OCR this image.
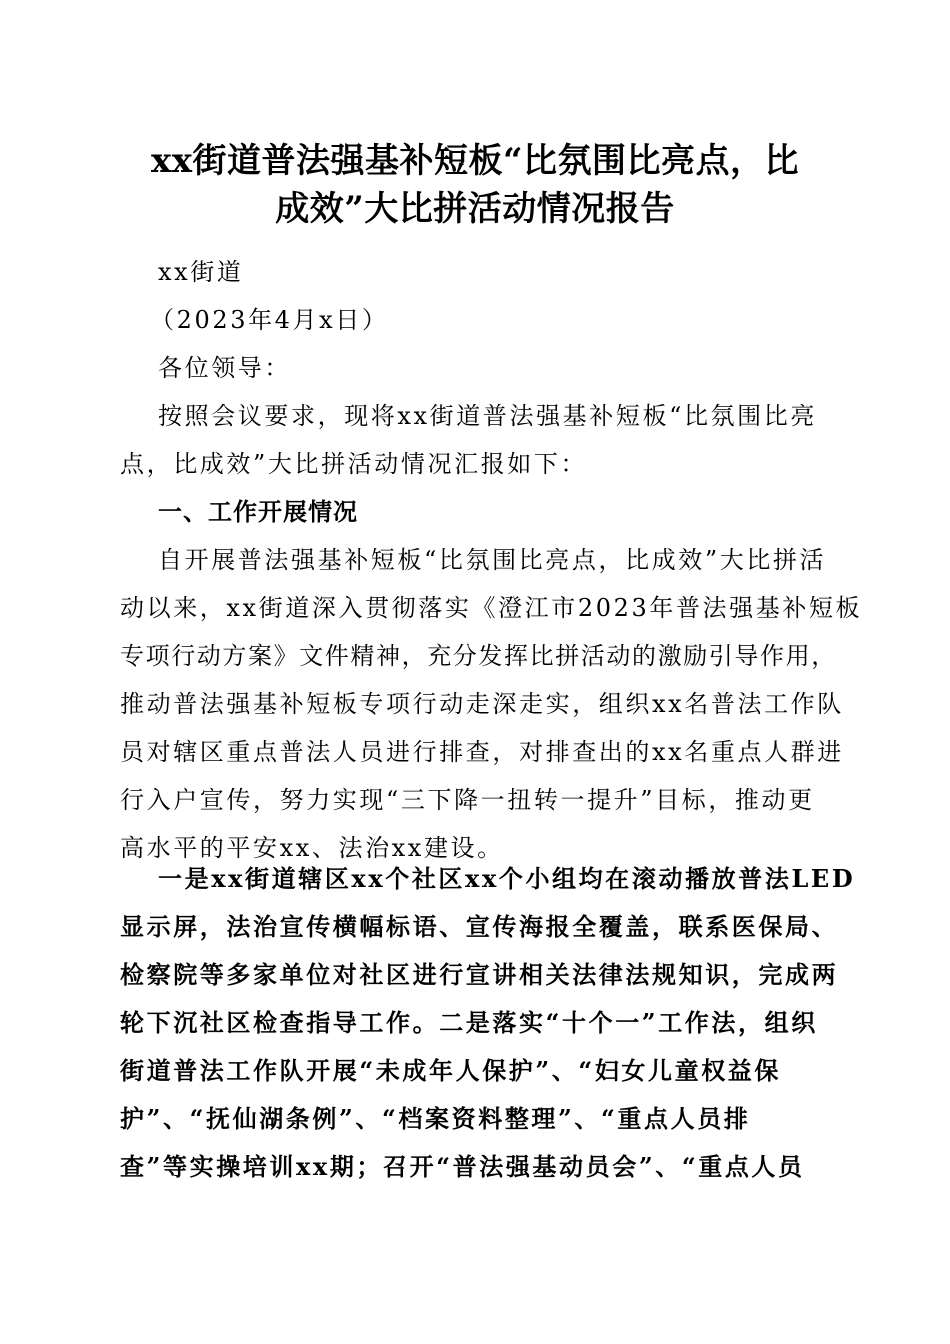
xx街道普法强基补短板“比氛围比亮点，比
成效”大比拼活动情况报告
xx街道
（2023年4月x日）
各位领导：
按照会议要求，现将xx街道普法强基补短板“比氛围比亮
点，比成效”大比拼活动情况汇报如下：
一、工作开展情况
自开展普法强基补短板“比氛围比亮点，比成效”大比拼活
动以来，xx街道深入贯彻落实《澄江市2023年普法强基补短板
专项行动方案》文件精神，充分发挥比拼活动的激励引导作用，
推动普法强基补短板专项行动走深走实，组织xx名普法工作队
员对辖区重点普法人员进行排查，对排查出的xx名重点人群进
行入户宣传，努力实现“三下降一扭转一提升”目标，推动更
高水平的平安xx、法治xx建设。
一是xx街道辖区xx个社区xx个小组均在滚动播放普法LED
显示屏，法治宣传横幅标语、宣传海报全覆盖，联系医保局、
检察院等多家单位对社区进行宣讲相关法律法规知识，完成两
轮下沉社区检查指导工作。二是落实“十个一”工作法，组织
街道普法工作队开展“未成年人保护”、“妇女儿童权益保
护”、“抚仙湖条例”、“档案资料整理”、“重点人员排
查”等实操培训xx期；召开“普法强基动员会”、“重点人员
